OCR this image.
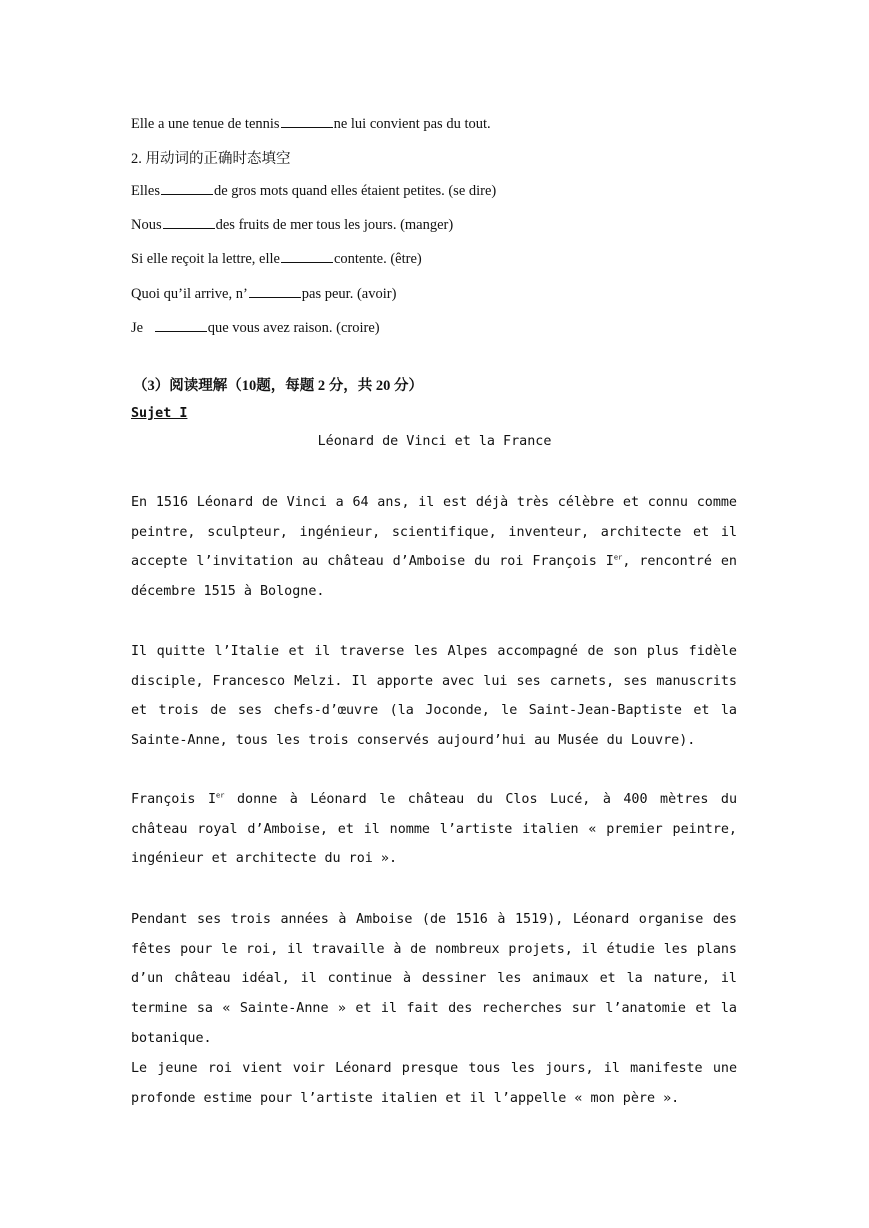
Elle a une tenue de tennis	ne lui convient pas du tout.
2. 用动词的正确时态填空
Elles	de gros mots quand elles étaient petites. (se dire)
Nous	des fruits de mer tous les jours. (manger)
Si elle reçoit la lettre, elle	contente. (être)
Quoi qu’il arrive, n’	pas peur. (avoir)
Je	que vous avez raison. (croire)
（3）阅读理解（10题，每题 2 分，共 20 分）
Sujet I
Léonard de Vinci et la France

En 1516 Léonard de Vinci a 64 ans, il est déjà très célèbre et connu comme peintre, sculpteur, ingénieur, scientifique, inventeur, architecte et il accepte l’invitation au château d’Amboise du roi François Ier, rencontré en décembre 1515 à Bologne.

Il quitte l’Italie et il traverse les Alpes accompagné de son plus fidèle disciple, Francesco Melzi. Il apporte avec lui ses carnets, ses manuscrits et trois de ses chefs-d’œuvre (la Joconde, le Saint-Jean-Baptiste et la Sainte-Anne, tous les trois conservés aujourd’hui au Musée du Louvre).

François Ier donne à Léonard le château du Clos Lucé, à 400 mètres du château royal d’Amboise, et il nomme l’artiste italien « premier peintre, ingénieur et architecte du roi ».

Pendant ses trois années à Amboise (de 1516 à 1519), Léonard organise des fêtes pour le roi, il travaille à de nombreux projets, il étudie les plans d’un château idéal, il continue à dessiner les animaux et la nature, il termine sa « Sainte-Anne » et il fait des recherches sur l’anatomie et la botanique.

Le jeune roi vient voir Léonard presque tous les jours, il manifeste une profonde estime pour l’artiste italien et il l’appelle « mon père ».
